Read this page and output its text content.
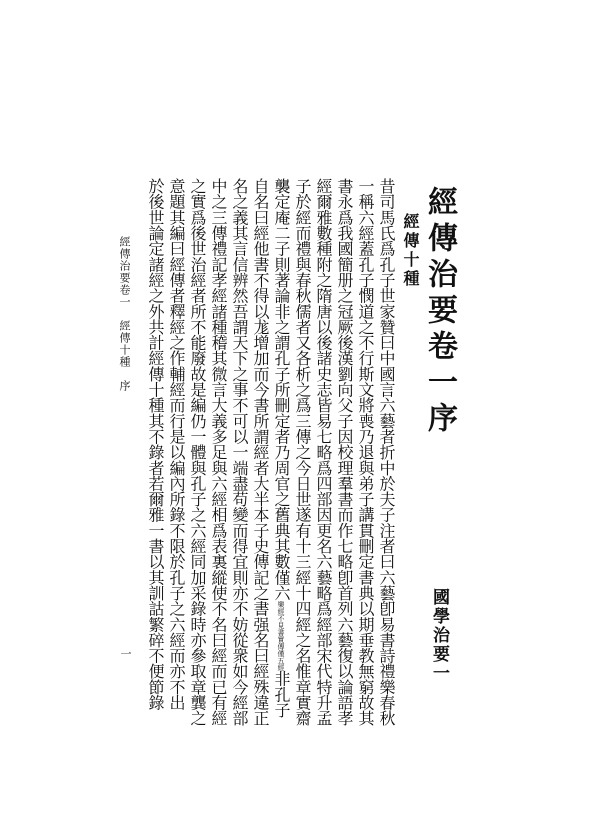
經傳治要卷一序
國學治要一
經傳十種
昔司馬氏爲孔子世家贊曰中國言六藝者折中於夫子注者曰六藝卽易書詩禮樂春秋
一稱六經蓋孔子憫道之不行斯文將喪乃退與弟子講貫刪定書典以期垂教無窮故其
書永爲我國簡册之冠厥後漢劉向父子因校理羣書而作七略卽首列六藝復以論語孝
經爾雅數種附之隋唐以後諸史志皆易七略爲四部因更名六藝略爲經部宋代特升孟
子於經而禮與春秋儒者又各析之爲三傳之今日世遂有十三經十四經之名惟章實齋
襲定庵二子則著論非之謂孔子所刪定者乃周官之舊典其數僅六樂經不見書實傳僅五經非孔子
自名曰經他書不得以尨增加而今書所謂經者大半本子史傳記之書强名曰經殊違正
名之義其言信辨然吾謂天下之事不可以一端盡苟變而得宜則亦不妨從衆如今經部
中之三傳禮記孝經諸種稽其微言大義多足與六經相爲表裏縱使不名曰經而已有經
之實爲後世治經者所不能廢故是編仍一體與孔子之六經同加采錄時亦參取章龔之
意題其編曰經傳者釋經之作輔經而行是以編內所錄不限於孔子之六經而亦不出
於後世論定諸經之外共計經傳十種其不錄者若爾雅一書以其訓詁繁碎不便節錄
經傳治要卷一經傳十種序
一
